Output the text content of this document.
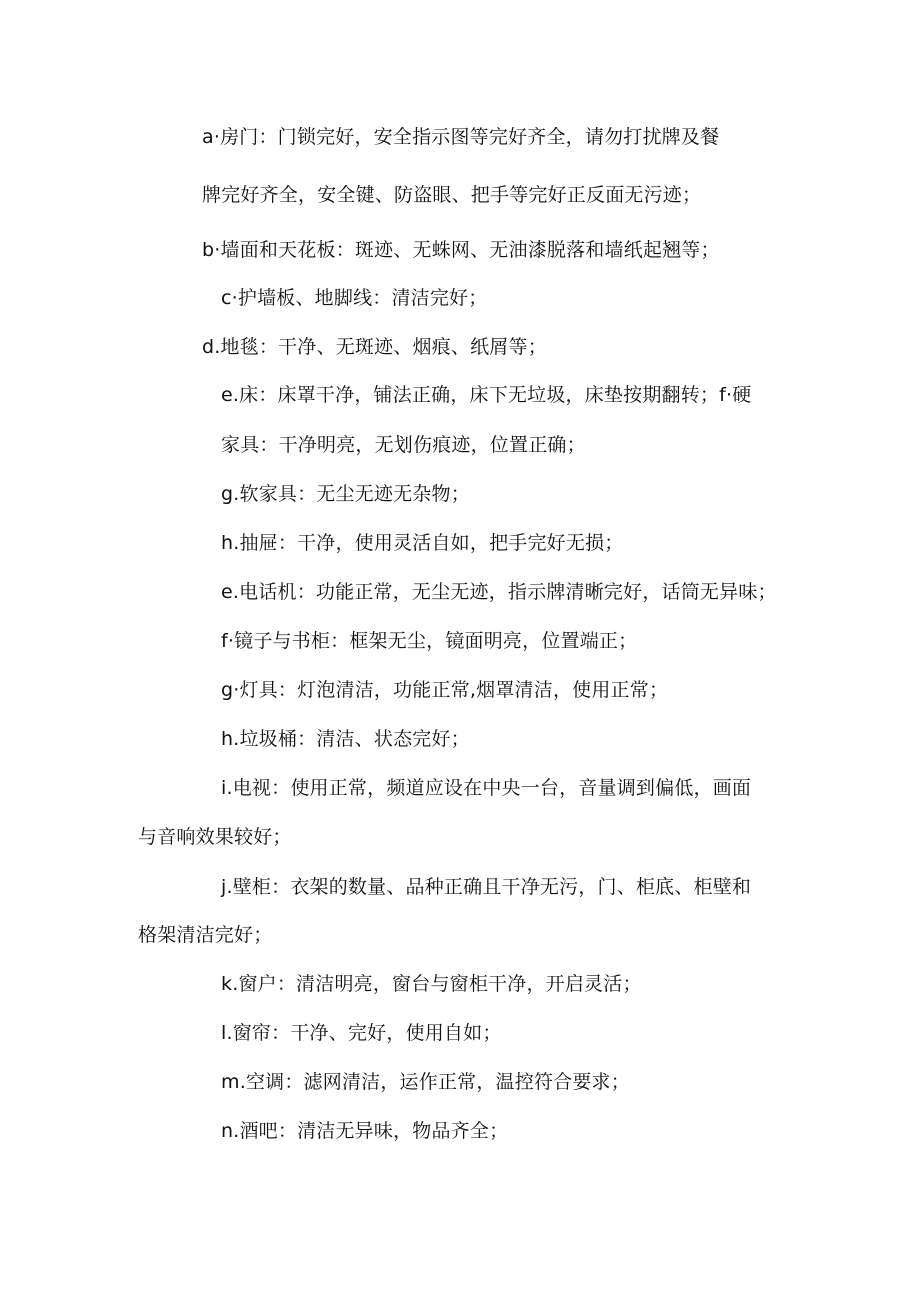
a·房门：门锁完好，安全指示图等完好齐全，请勿打扰牌及餐
牌完好齐全，安全键、防盗眼、把手等完好正反面无污迹；
b·墙面和天花板：斑迹、无蛛网、无油漆脱落和墙纸起翘等；
c·护墙板、地脚线：清洁完好；
d.地毯：干净、无斑迹、烟痕、纸屑等；
e.床：床罩干净，铺法正确，床下无垃圾，床垫按期翻转；f·硬
家具：干净明亮，无划伤痕迹，位置正确；
g.软家具：无尘无迹无杂物；
h.抽屉：干净，使用灵活自如，把手完好无损；
e.电话机：功能正常，无尘无迹，指示牌清晰完好，话筒无异味；
f·镜子与书柜：框架无尘，镜面明亮，位置端正；
g·灯具：灯泡清洁，功能正常,烟罩清洁，使用正常；
h.垃圾桶：清洁、状态完好；
i.电视：使用正常，频道应设在中央一台，音量调到偏低，画面
与音响效果较好；
j.壁柜：衣架的数量、品种正确且干净无污，门、柜底、柜壁和
格架清洁完好；
k.窗户：清洁明亮，窗台与窗柜干净，开启灵活；
l.窗帘：干净、完好，使用自如；
m.空调：滤网清洁，运作正常，温控符合要求；
n.酒吧：清洁无异味，物品齐全；
